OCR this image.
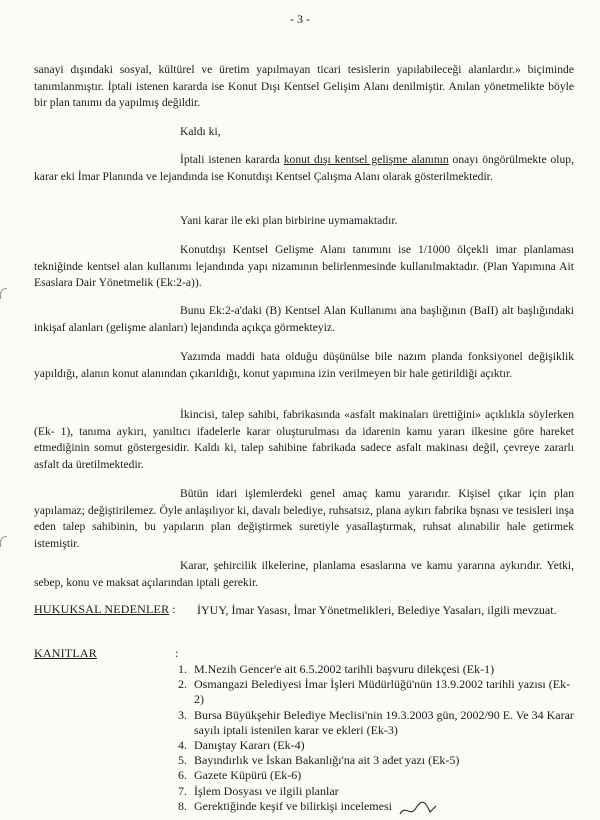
- 3 -
sanayi dışındaki sosyal, kültürel ve üretim yapılmayan ticari tesislerin yapılabileceği alanlardır.» biçiminde tanımlanmıştır. İptali istenen kararda ise Konut Dışı Kentsel Gelişim Alanı denilmiştir. Anılan yönetmelikte böyle bir plan tanımı da yapılmış değildir.
Kaldı ki,
İptali istenen kararda konut dışı kentsel gelişme alanının onayı öngörülmekte olup, karar eki İmar Planında ve lejandında ise Konutdışı Kentsel Çalışma Alanı olarak gösterilmektedir.
Yani karar ile eki plan birbirine uymamaktadır.
Konutdışı Kentsel Gelişme Alanı tanımını ise 1/1000 ölçekli imar planlaması tekniğinde kentsel alan kullanımı lejandında yapı nizamının belirlenmesinde kullanılmaktadır. (Plan Yapımına Ait Esaslara Dair Yönetmelik (Ek:2-a)).
Bunu Ek:2-a'daki (B) Kentsel Alan Kullanımı ana başlığının (BaII) alt başlığındaki inkişaf alanları (gelişme alanları) lejandında açıkça görmekteyiz.
Yazımda maddi hata olduğu düşünülse bile nazım planda fonksiyonel değişiklik yapıldığı, alanın konut alanından çıkarıldığı, konut yapımına izin verilmeyen bir hale getirildiği açıktır.
İkincisi, talep sahibi, fabrikasında «asfalt makinaları ürettiğini» açıklıkla söylerken (Ek- 1), tanıma aykırı, yanıltıcı ifadelerle karar oluşturulması da idarenin kamu yararı ilkesine göre hareket etmediğinin somut göstergesidir. Kaldı ki, talep sahibine fabrikada sadece asfalt makinası değil, çevreye zararlı asfalt da üretilmektedir.
Bütün idari işlemlerdeki genel amaç kamu yararıdır. Kişisel çıkar için plan yapılamaz; değiştirilemez. Öyle anlaşılıyor ki, davalı belediye, ruhsatsız, plana aykırı fabrika bşnası ve tesisleri inşa eden talep sahibinin, bu yapıların plan değiştirmek suretiyle yasallaştırmak, ruhsat alınabilir hale getirmek istemiştir.
Karar, şehircilik ilkelerine, planlama esaslarına ve kamu yararına aykırıdır. Yetki, sebep, konu ve maksat açılarından iptali gerekir.
HUKUKSAL NEDENLER : İYUY, İmar Yasası, İmar Yönetmelikleri, Belediye Yasaları, ilgili mevzuat.
KANITLAR	:
1. M.Nezih Gencer'e ait 6.5.2002 tarihli başvuru dilekçesi (Ek-1)
2. Osmangazi Belediyesi İmar İşleri Müdürlüğü'nün 13.9.2002 tarihli yazısı (Ek-2)
3. Bursa Büyükşehir Belediye Meclisi'nin 19.3.2003 gün, 2002/90 E. Ve 34 Karar sayılı iptali istenilen karar ve ekleri (Ek-3)
4. Danıştay Kararı (Ek-4)
5. Bayındırlık ve İskan Bakanlığı'na ait 3 adet yazı (Ek-5)
6. Gazete Küpürü (Ek-6)
7. İşlem Dosyası ve ilgili planlar
8. Gerektiğinde keşif ve bilirkişi incelemesi
